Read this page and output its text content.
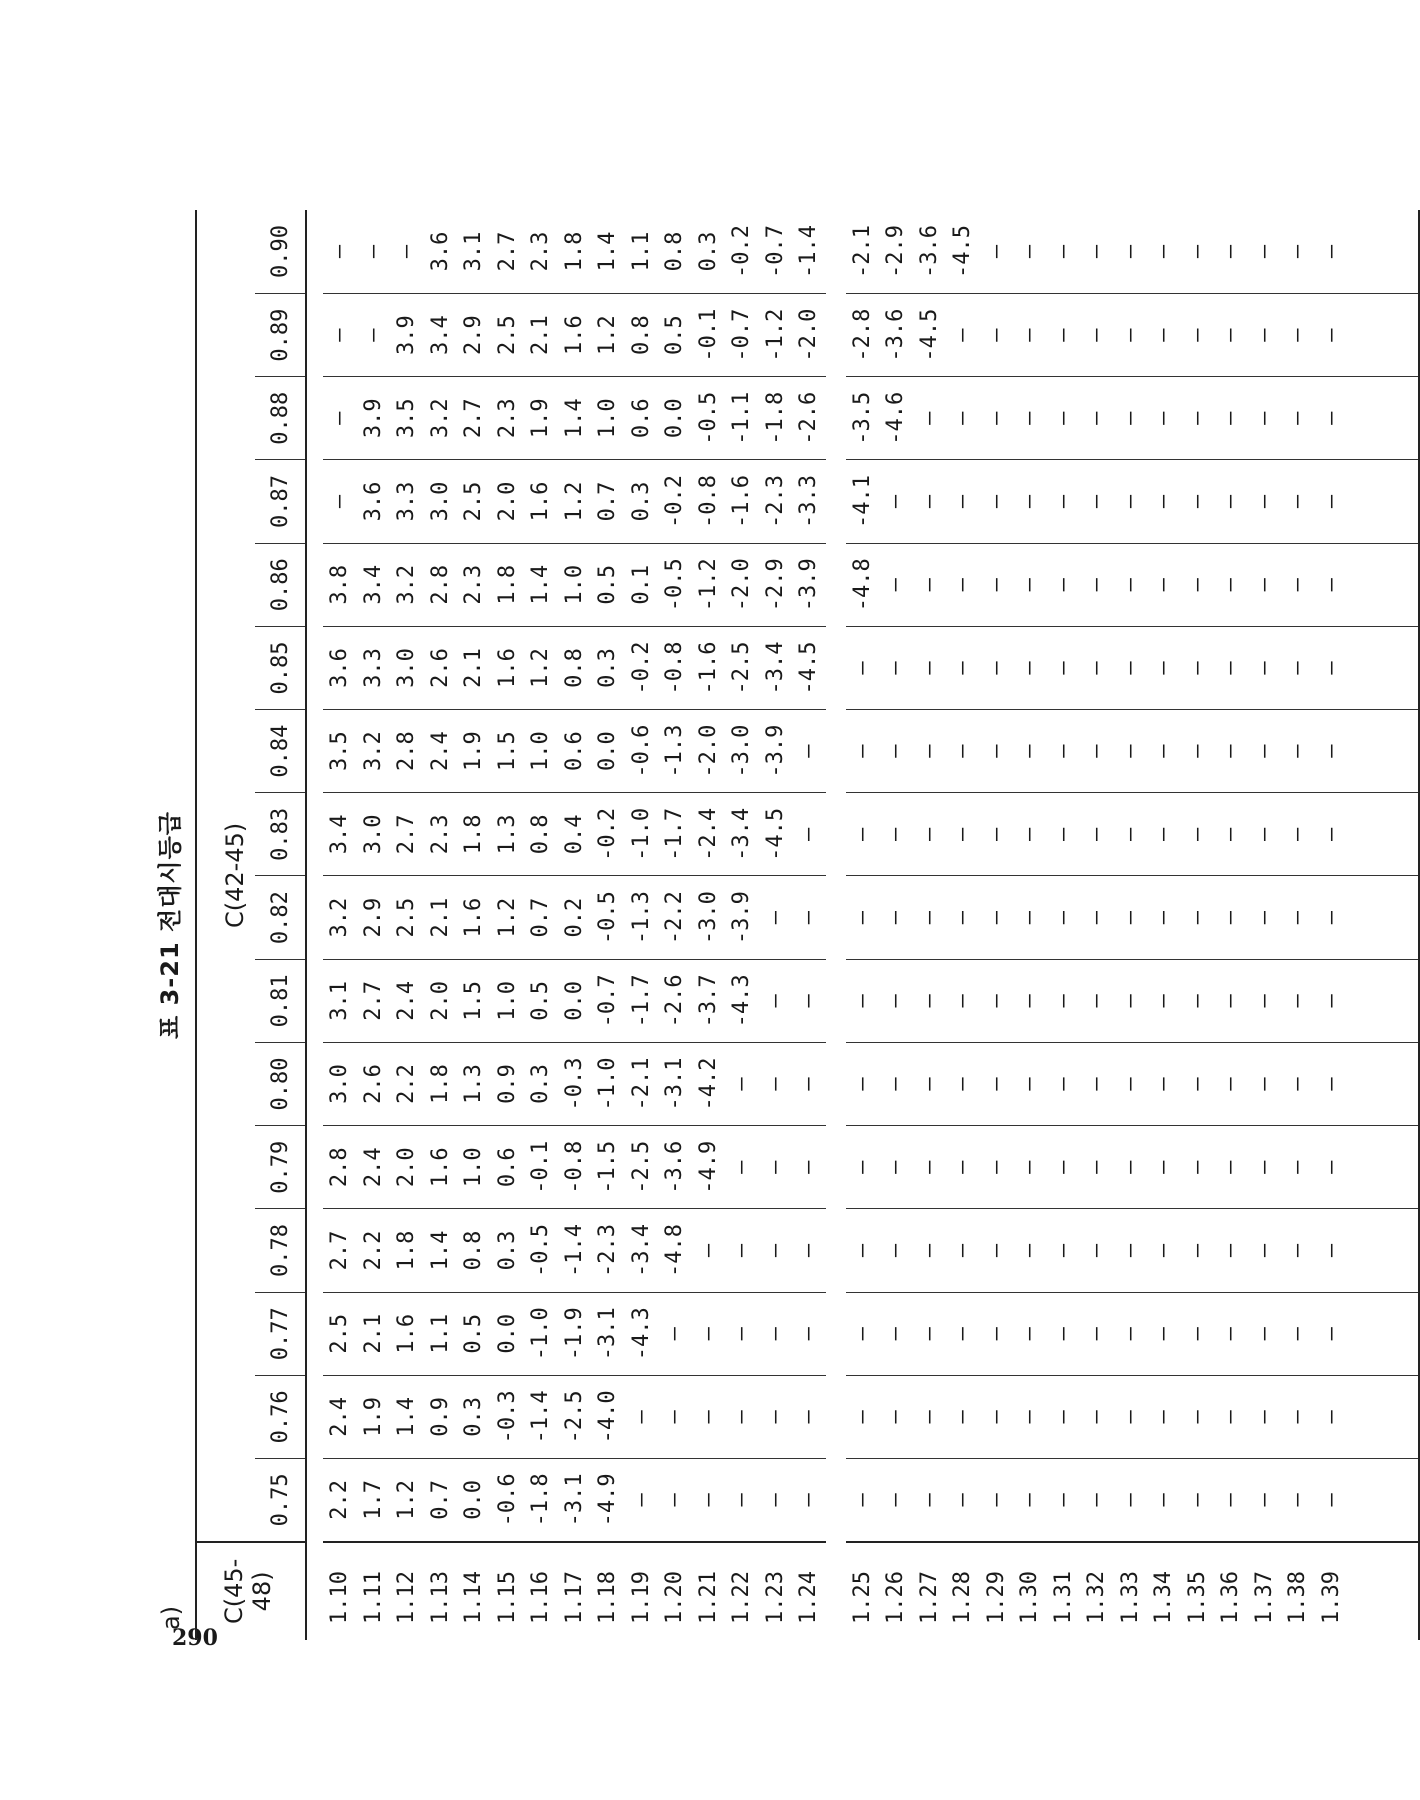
290
a)
표 3-21 전대시등급
C(45-48)	C(42-45)															
	0.75	0.76	0.77	0.78	0.79	0.80	0.81	0.82	0.83	0.84	0.85	0.86	0.87	0.88	0.89	0.90

1.10	2.2	2.4	2.5	2.7	2.8	3.0	3.1	3.2	3.4	3.5	3.6	3.8	—	—	—	—
1.11	1.7	1.9	2.1	2.2	2.4	2.6	2.7	2.9	3.0	3.2	3.3	3.4	3.6	3.9	—	—
1.12	1.2	1.4	1.6	1.8	2.0	2.2	2.4	2.5	2.7	2.8	3.0	3.2	3.3	3.5	3.9	—
1.13	0.7	0.9	1.1	1.4	1.6	1.8	2.0	2.1	2.3	2.4	2.6	2.8	3.0	3.2	3.4	3.6
1.14	0.0	0.3	0.5	0.8	1.0	1.3	1.5	1.6	1.8	1.9	2.1	2.3	2.5	2.7	2.9	3.1
1.15	-0.6	-0.3	0.0	0.3	0.6	0.9	1.0	1.2	1.3	1.5	1.6	1.8	2.0	2.3	2.5	2.7
1.16	-1.8	-1.4	-1.0	-0.5	-0.1	0.3	0.5	0.7	0.8	1.0	1.2	1.4	1.6	1.9	2.1	2.3
1.17	-3.1	-2.5	-1.9	-1.4	-0.8	-0.3	0.0	0.2	0.4	0.6	0.8	1.0	1.2	1.4	1.6	1.8
1.18	-4.9	-4.0	-3.1	-2.3	-1.5	-1.0	-0.7	-0.5	-0.2	0.0	0.3	0.5	0.7	1.0	1.2	1.4
1.19	—	—	-4.3	-3.4	-2.5	-2.1	-1.7	-1.3	-1.0	-0.6	-0.2	0.1	0.3	0.6	0.8	1.1
1.20	—	—	—	-4.8	-3.6	-3.1	-2.6	-2.2	-1.7	-1.3	-0.8	-0.5	-0.2	0.0	0.5	0.8
1.21	—	—	—	—	-4.9	-4.2	-3.7	-3.0	-2.4	-2.0	-1.6	-1.2	-0.8	-0.5	-0.1	0.3
1.22	—	—	—	—	—	—	-4.3	-3.9	-3.4	-3.0	-2.5	-2.0	-1.6	-1.1	-0.7	-0.2
1.23	—	—	—	—	—	—	—	—	-4.5	-3.9	-3.4	-2.9	-2.3	-1.8	-1.2	-0.7
1.24	—	—	—	—	—	—	—	—	—	—	-4.5	-3.9	-3.3	-2.6	-2.0	-1.4

1.25	—	—	—	—	—	—	—	—	—	—	—	-4.8	-4.1	-3.5	-2.8	-2.1
1.26	—	—	—	—	—	—	—	—	—	—	—	—	—	-4.6	-3.6	-2.9
1.27	—	—	—	—	—	—	—	—	—	—	—	—	—	—	-4.5	-3.6
1.28	—	—	—	—	—	—	—	—	—	—	—	—	—	—	—	-4.5
1.29	—	—	—	—	—	—	—	—	—	—	—	—	—	—	—	—
1.30	—	—	—	—	—	—	—	—	—	—	—	—	—	—	—	—
1.31	—	—	—	—	—	—	—	—	—	—	—	—	—	—	—	—
1.32	—	—	—	—	—	—	—	—	—	—	—	—	—	—	—	—
1.33	—	—	—	—	—	—	—	—	—	—	—	—	—	—	—	—
1.34	—	—	—	—	—	—	—	—	—	—	—	—	—	—	—	—
1.35	—	—	—	—	—	—	—	—	—	—	—	—	—	—	—	—
1.36	—	—	—	—	—	—	—	—	—	—	—	—	—	—	—	—
1.37	—	—	—	—	—	—	—	—	—	—	—	—	—	—	—	—
1.38	—	—	—	—	—	—	—	—	—	—	—	—	—	—	—	—
1.39	—	—	—	—	—	—	—	—	—	—	—	—	—	—	—	—
